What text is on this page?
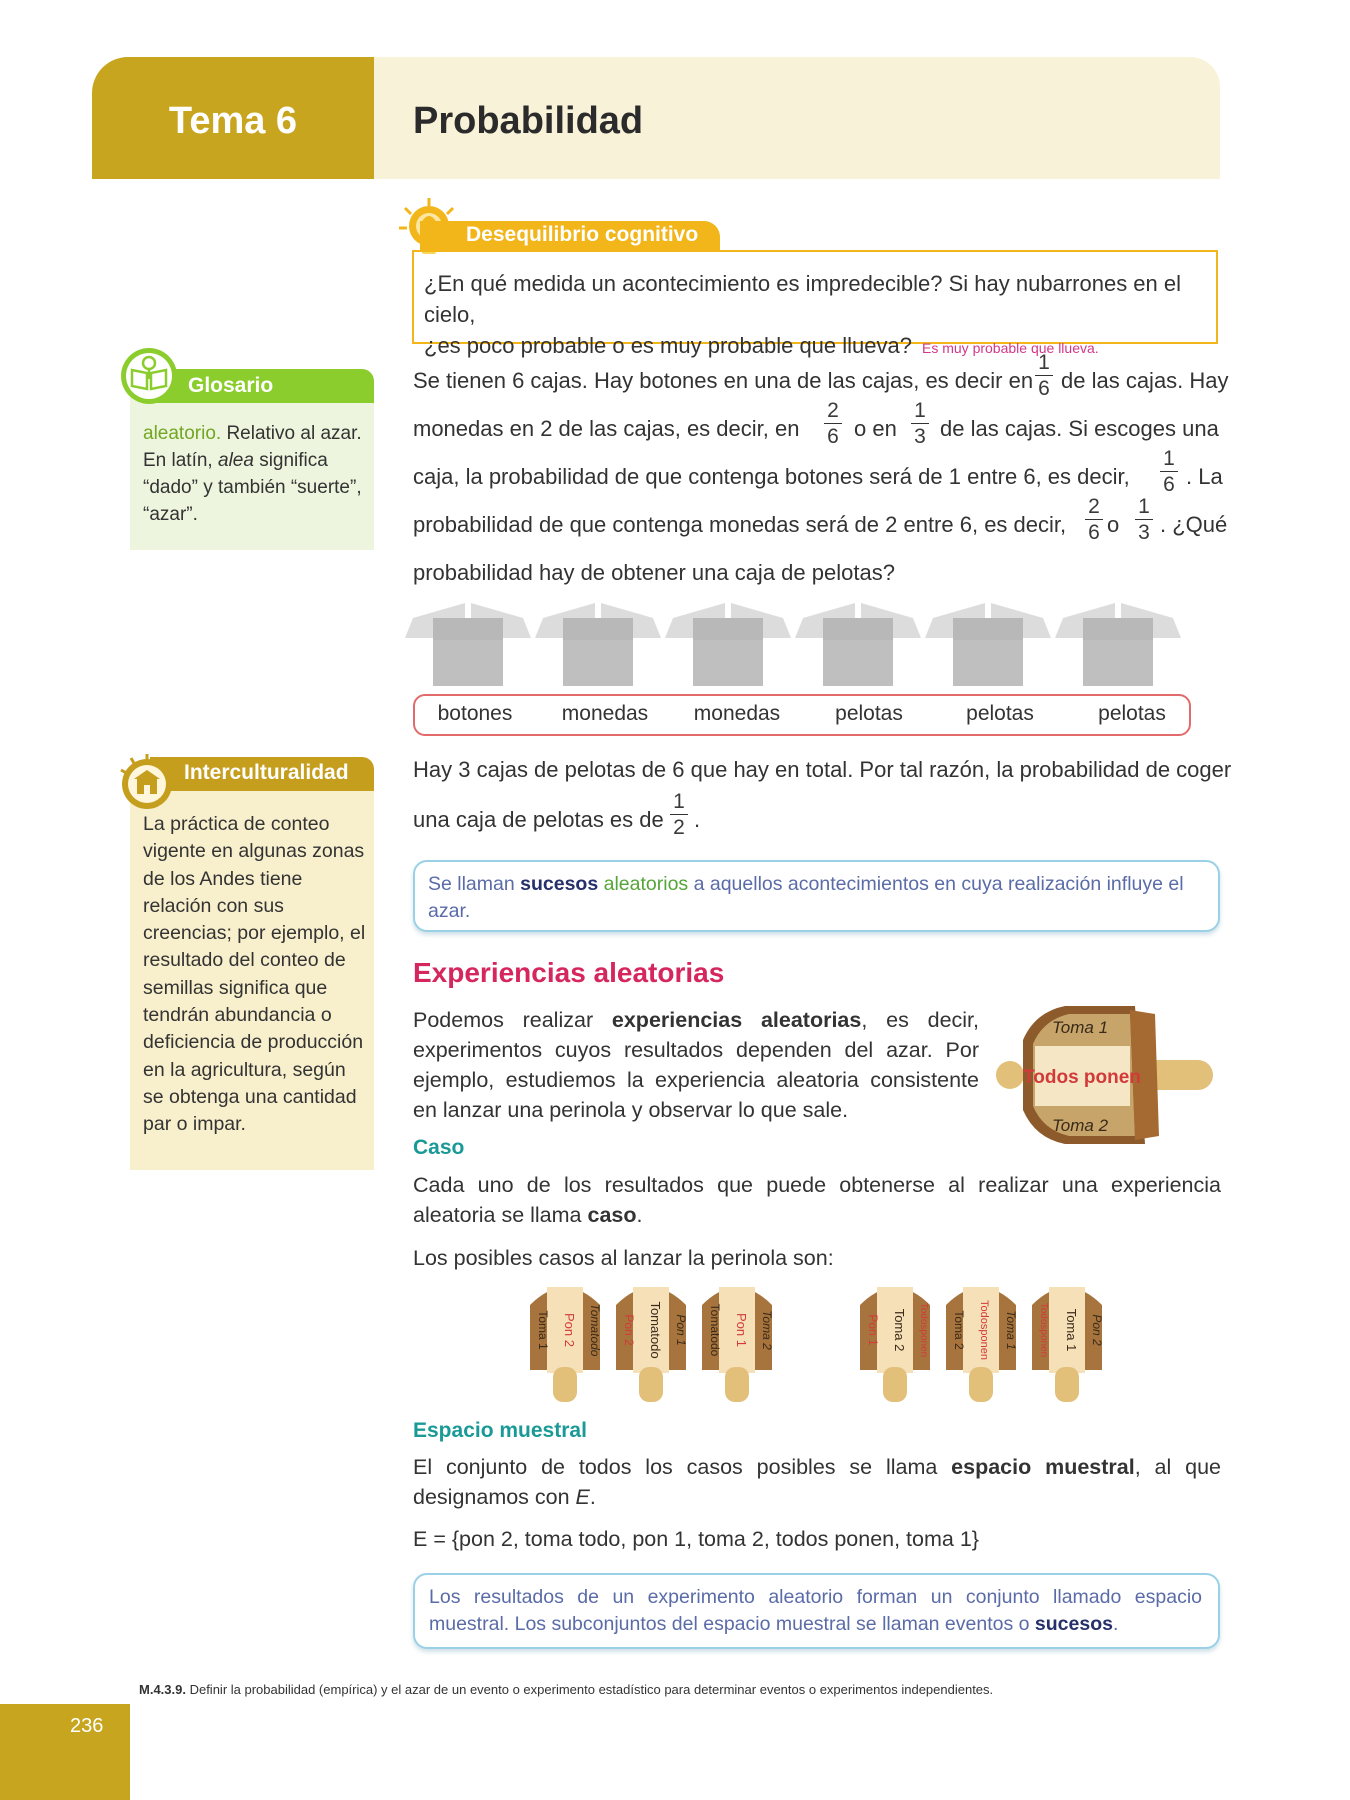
Tema 6	Probabilidad
Desequilibrio cognitivo
¿En qué medida un acontecimiento es impredecible? Si hay nubarrones en el cielo,
¿es poco probable o es muy probable que llueva? Es muy probable que llueva.
Glosario
aleatorio. Relativo al azar. En latín, alea significa “dado” y también “suerte”, “azar”.
Se tienen 6 cajas. Hay botones en una de las cajas, es decir en de las cajas. Hay
monedas en 2 de las cajas, es decir, en o en de las cajas. Si escoges una
caja, la probabilidad de que contenga botones será de 1 entre 6, es decir,	. La
probabilidad de que contenga monedas será de 2 entre 6, es decir, o . ¿Qué
probabilidad hay de obtener una caja de pelotas?
1
6
2
6
1
3
1
6
2
6
1
3
botones	monedas	monedas	pelotas	pelotas	pelotas
Interculturalidad
La práctica de conteo vigente en algunas zonas de los Andes tiene relación con sus creencias; por ejemplo, el resultado del conteo de semillas significa que tendrán abundancia o deficiencia de producción en la agricultura, según se obtenga una cantidad par o impar.
Hay 3 cajas de pelotas de 6 que hay en total. Por tal razón, la probabilidad de coger
una caja de pelotas es de
1
2 .
Se llaman sucesos aleatorios a aquellos acontecimientos en cuya realización influye el azar.
Experiencias aleatorias
Podemos realizar experiencias aleatorias, es decir, experimentos cuyos resultados dependen del azar. Por ejemplo, estudiemos la experiencia aleatoria consistente en lanzar una perinola y observar lo que sale.
Toma 1
Todos ponen
Toma 2
Caso
Cada uno de los resultados que puede obtenerse al realizar una experiencia aleatoria se llama caso.
Los posibles casos al lanzar la perinola son:
Toma 1 Pon 2 Tomatodo Pon 2 Tomatodo Pon 1 Tomatodo Pon 1 Toma 2	Pon 1 Toma 2 Todosponen Toma 2 Todosponen Toma 1 Todosponen Toma 1 Pon 2
Espacio muestral
El conjunto de todos los casos posibles se llama espacio muestral, al que designamos con E.
E = {pon 2, toma todo, pon 1, toma 2, todos ponen, toma 1}
Los resultados de un experimento aleatorio forman un conjunto llamado espacio muestral. Los subconjuntos del espacio muestral se llaman eventos o sucesos.
M.4.3.9. Definir la probabilidad (empírica) y el azar de un evento o experimento estadístico para determinar eventos o experimentos independientes.
236
